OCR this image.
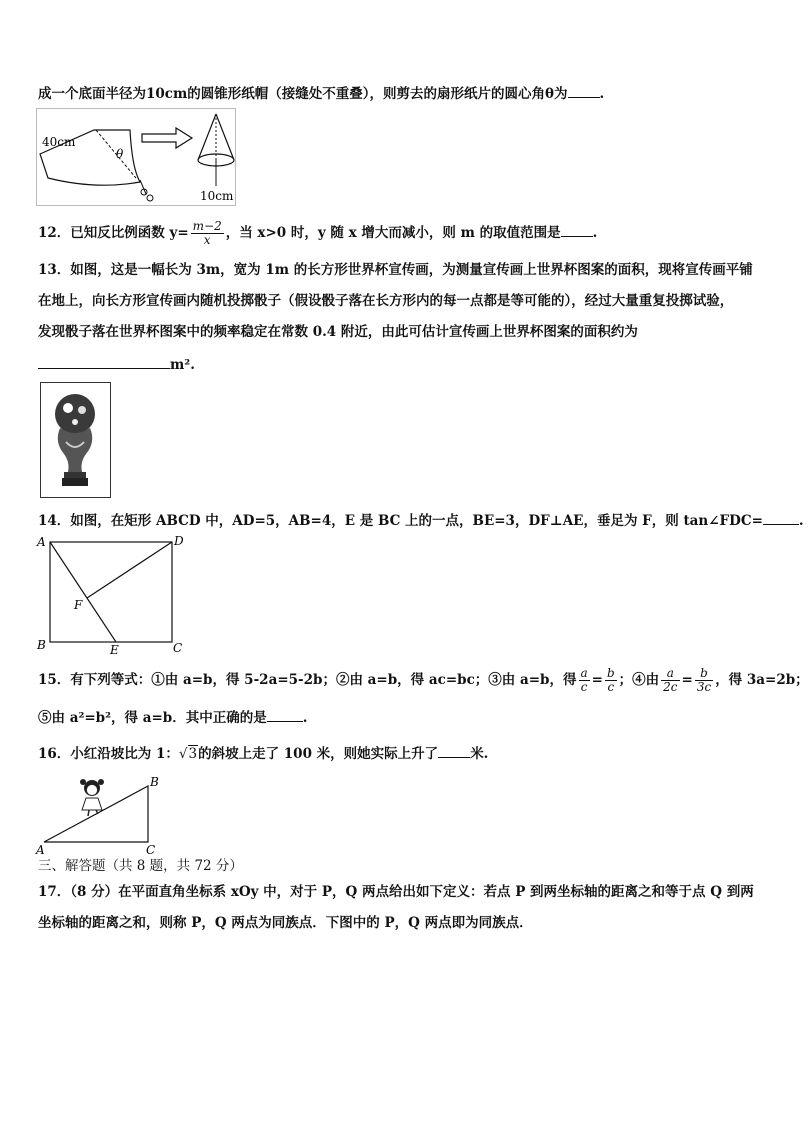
成一个底面半径为10cm的圆锥形纸帽（接缝处不重叠），则剪去的扇形纸片的圆心角θ为 .
40cm
θ
10cm
12．已知反比例函数 $y= \frac{m-2}{x}$ ，当 x>0 时，y 随 x 增大而减小，则 m 的取值范围是 .
13．如图，这是一幅长为 3m，宽为 1m 的长方形世界杯宣传画，为测量宣传画上世界杯图案的面积，现将宣传画平铺
在地上，向长方形宣传画内随机投掷骰子（假设骰子落在长方形内的每一点都是等可能的），经过大量重复投掷试验，
发现骰子落在世界杯图案中的频率稳定在常数 0.4 附近，由此可估计宣传画上世界杯图案的面积约为
m².
14．如图，在矩形 ABCD 中，AD=5，AB=4，E 是 BC 上的一点，BE=3，DF⊥AE，垂足为 F，则 tan∠FDC=	.
A	D
B	C
E
F
15．有下列等式：①由 a=b，得 5-2a=5-2b；②由 a=b，得 ac=bc；③由 a=b，得 $\frac{a}{c} = \frac{b}{c}$ ；④由 $\frac{a}{2c} = \frac{b}{3c}$ ，得 3a=2b；
⑤由 a²=b²，得 a=b．其中正确的是	.
16．小红沿坡比为 1：√3的斜坡上走了 100 米，则她实际上升了 米.
A
B
C
三、解答题（共 8 题，共 72 分）
17．（8 分）在平面直角坐标系 xOy 中，对于 P，Q 两点给出如下定义：若点 P 到两坐标轴的距离之和等于点 Q 到两
坐标轴的距离之和，则称 P，Q 两点为同族点．下图中的 P，Q 两点即为同族点．
